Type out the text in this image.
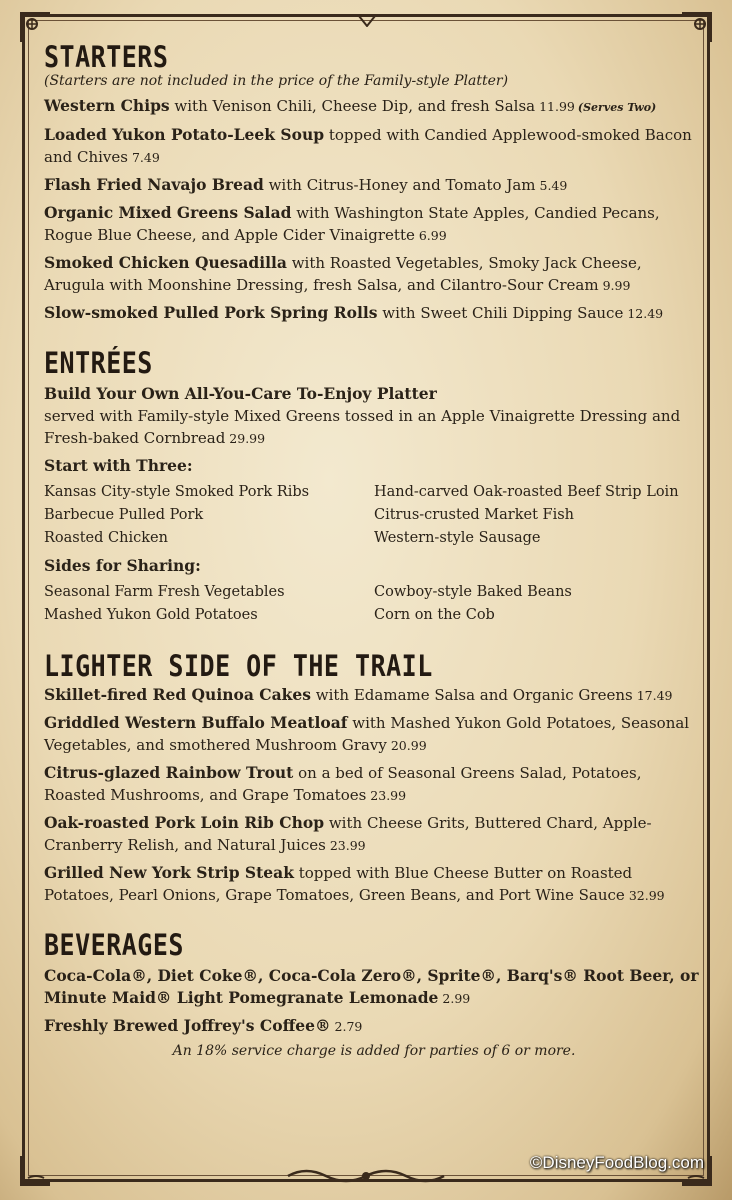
STARTERS
(Starters are not included in the price of the Family-style Platter)
Western Chips with Venison Chili, Cheese Dip, and fresh Salsa 11.99 (Serves Two)
Loaded Yukon Potato-Leek Soup topped with Candied Applewood-smoked Bacon and Chives 7.49
Flash Fried Navajo Bread with Citrus-Honey and Tomato Jam 5.49
Organic Mixed Greens Salad with Washington State Apples, Candied Pecans, Rogue Blue Cheese, and Apple Cider Vinaigrette 6.99
Smoked Chicken Quesadilla with Roasted Vegetables, Smoky Jack Cheese, Arugula with Moonshine Dressing, fresh Salsa, and Cilantro-Sour Cream 9.99
Slow-smoked Pulled Pork Spring Rolls with Sweet Chili Dipping Sauce 12.49
ENTRÉES
Build Your Own All-You-Care To-Enjoy Platter
served with Family-style Mixed Greens tossed in an Apple Vinaigrette Dressing and Fresh-baked Cornbread 29.99
Start with Three:
Kansas City-style Smoked Pork Ribs
Barbecue Pulled Pork
Roasted Chicken
Hand-carved Oak-roasted Beef Strip Loin
Citrus-crusted Market Fish
Western-style Sausage
Sides for Sharing:
Seasonal Farm Fresh Vegetables
Mashed Yukon Gold Potatoes
Cowboy-style Baked Beans
Corn on the Cob
LIGHTER SIDE OF THE TRAIL
Skillet-fired Red Quinoa Cakes with Edamame Salsa and Organic Greens 17.49
Griddled Western Buffalo Meatloaf with Mashed Yukon Gold Potatoes, Seasonal Vegetables, and smothered Mushroom Gravy 20.99
Citrus-glazed Rainbow Trout on a bed of Seasonal Greens Salad, Potatoes, Roasted Mushrooms, and Grape Tomatoes 23.99
Oak-roasted Pork Loin Rib Chop with Cheese Grits, Buttered Chard, Apple-Cranberry Relish, and Natural Juices 23.99
Grilled New York Strip Steak topped with Blue Cheese Butter on Roasted Potatoes, Pearl Onions, Grape Tomatoes, Green Beans, and Port Wine Sauce 32.99
BEVERAGES
Coca-Cola®, Diet Coke®, Coca-Cola Zero®, Sprite®, Barq's® Root Beer, or Minute Maid® Light Pomegranate Lemonade 2.99
Freshly Brewed Joffrey's Coffee® 2.79
An 18% service charge is added for parties of 6 or more.
©DisneyFoodBlog.com
